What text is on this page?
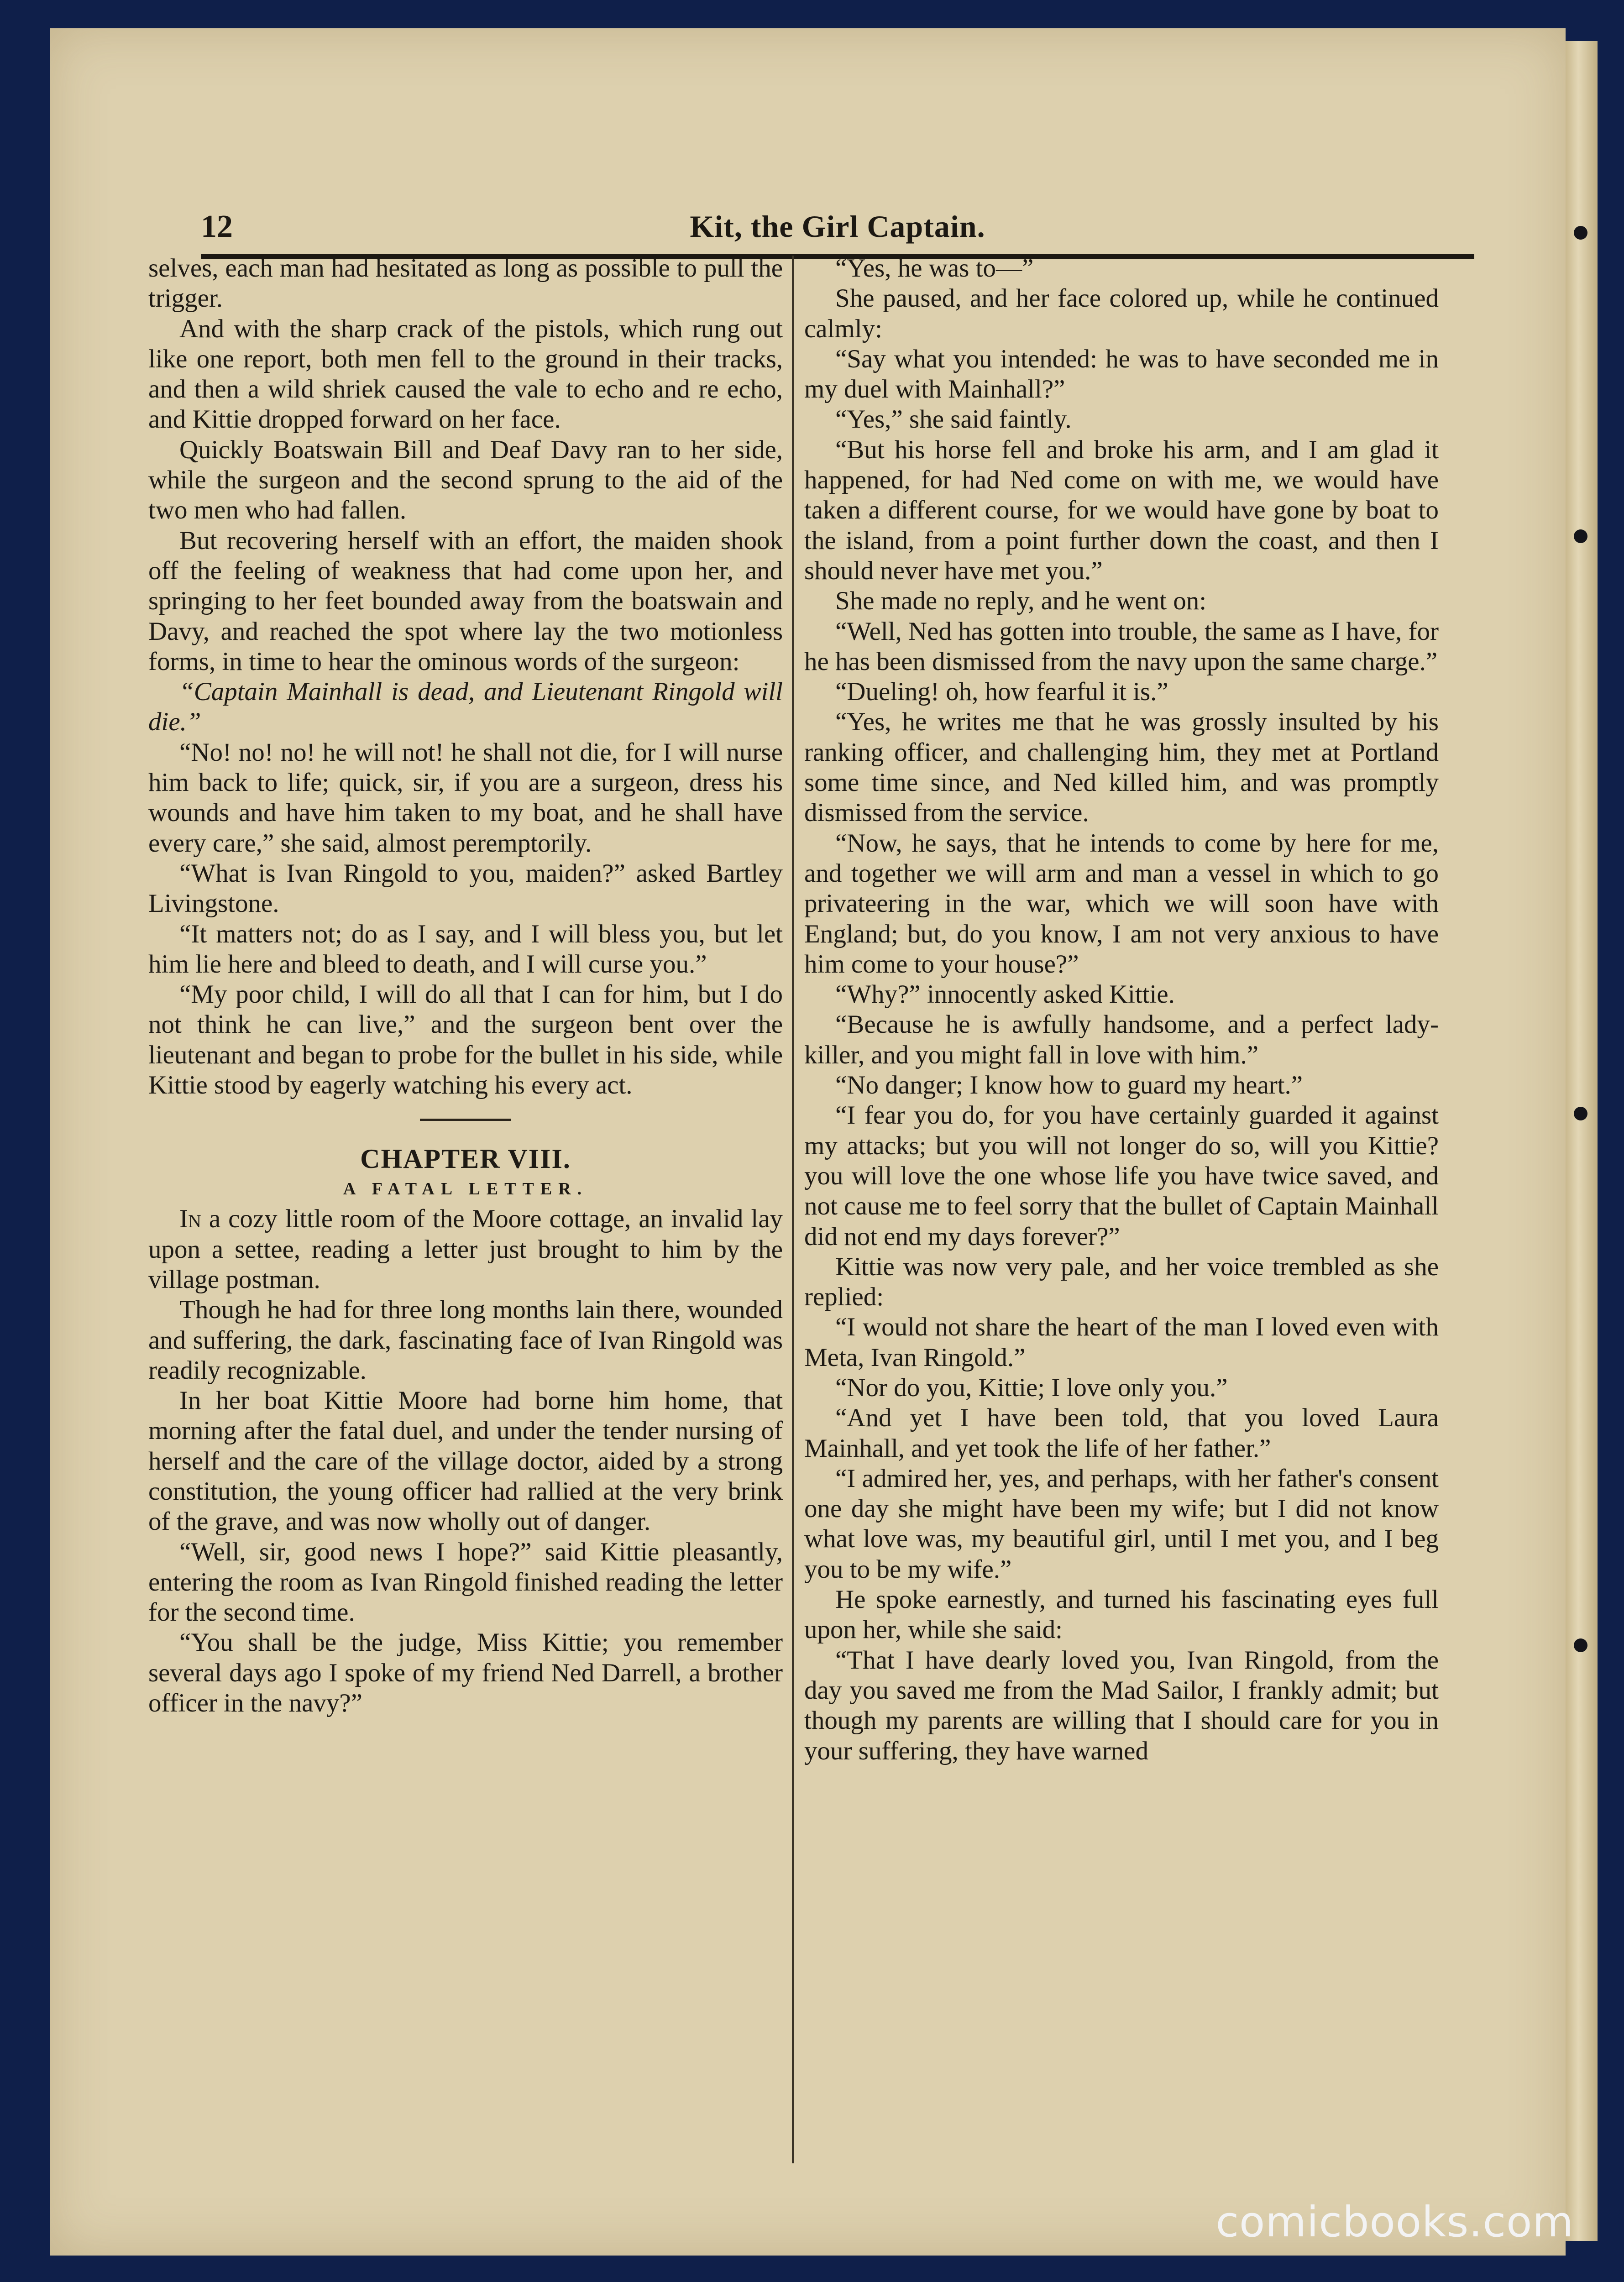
12	Kit, the Girl Captain.

selves, each man had hesitated as long as possible to pull the trigger.

And with the sharp crack of the pistols, which rung out like one report, both men fell to the ground in their tracks, and then a wild shriek caused the vale to echo and re echo, and Kittie dropped forward on her face.

Quickly Boatswain Bill and Deaf Davy ran to her side, while the surgeon and the second sprung to the aid of the two men who had fallen.

But recovering herself with an effort, the maiden shook off the feeling of weakness that had come upon her, and springing to her feet bounded away from the boatswain and Davy, and reached the spot where lay the two motionless forms, in time to hear the ominous words of the surgeon:

“Captain Mainhall is dead, and Lieutenant Ringold will die.”

“No! no! no! he will not! he shall not die, for I will nurse him back to life; quick, sir, if you are a surgeon, dress his wounds and have him taken to my boat, and he shall have every care,” she said, almost peremptorily.

“What is Ivan Ringold to you, maiden?” asked Bartley Livingstone.

“It matters not; do as I say, and I will bless you, but let him lie here and bleed to death, and I will curse you.”

“My poor child, I will do all that I can for him, but I do not think he can live,” and the surgeon bent over the lieutenant and began to probe for the bullet in his side, while Kittie stood by eagerly watching his every act.

CHAPTER VIII.
A FATAL LETTER.

In a cozy little room of the Moore cottage, an invalid lay upon a settee, reading a letter just brought to him by the village postman.

Though he had for three long months lain there, wounded and suffering, the dark, fascinating face of Ivan Ringold was readily recognizable.

In her boat Kittie Moore had borne him home, that morning after the fatal duel, and under the tender nursing of herself and the care of the village doctor, aided by a strong constitution, the young officer had rallied at the very brink of the grave, and was now wholly out of danger.

“Well, sir, good news I hope?” said Kittie pleasantly, entering the room as Ivan Ringold finished reading the letter for the second time.

“You shall be the judge, Miss Kittie; you remember several days ago I spoke of my friend Ned Darrell, a brother officer in the navy?”

“Yes, he was to—”

She paused, and her face colored up, while he continued calmly:

“Say what you intended: he was to have seconded me in my duel with Mainhall?”

“Yes,” she said faintly.

“But his horse fell and broke his arm, and I am glad it happened, for had Ned come on with me, we would have taken a different course, for we would have gone by boat to the island, from a point further down the coast, and then I should never have met you.”

She made no reply, and he went on:

“Well, Ned has gotten into trouble, the same as I have, for he has been dismissed from the navy upon the same charge.”

“Dueling! oh, how fearful it is.”

“Yes, he writes me that he was grossly insulted by his ranking officer, and challenging him, they met at Portland some time since, and Ned killed him, and was promptly dismissed from the service.

“Now, he says, that he intends to come by here for me, and together we will arm and man a vessel in which to go privateering in the war, which we will soon have with England; but, do you know, I am not very anxious to have him come to your house?”

“Why?” innocently asked Kittie.

“Because he is awfully handsome, and a perfect lady-killer, and you might fall in love with him.”

“No danger; I know how to guard my heart.”

“I fear you do, for you have certainly guarded it against my attacks; but you will not longer do so, will you Kittie? you will love the one whose life you have twice saved, and not cause me to feel sorry that the bullet of Captain Mainhall did not end my days forever?”

Kittie was now very pale, and her voice trembled as she replied:

“I would not share the heart of the man I loved even with Meta, Ivan Ringold.”

“Nor do you, Kittie; I love only you.”

“And yet I have been told, that you loved Laura Mainhall, and yet took the life of her father.”

“I admired her, yes, and perhaps, with her father's consent one day she might have been my wife; but I did not know what love was, my beautiful girl, until I met you, and I beg you to be my wife.”

He spoke earnestly, and turned his fascinating eyes full upon her, while she said:

“That I have dearly loved you, Ivan Ringold, from the day you saved me from the Mad Sailor, I frankly admit; but though my parents are willing that I should care for you in your suffering, they have warned

comicbooks.com
